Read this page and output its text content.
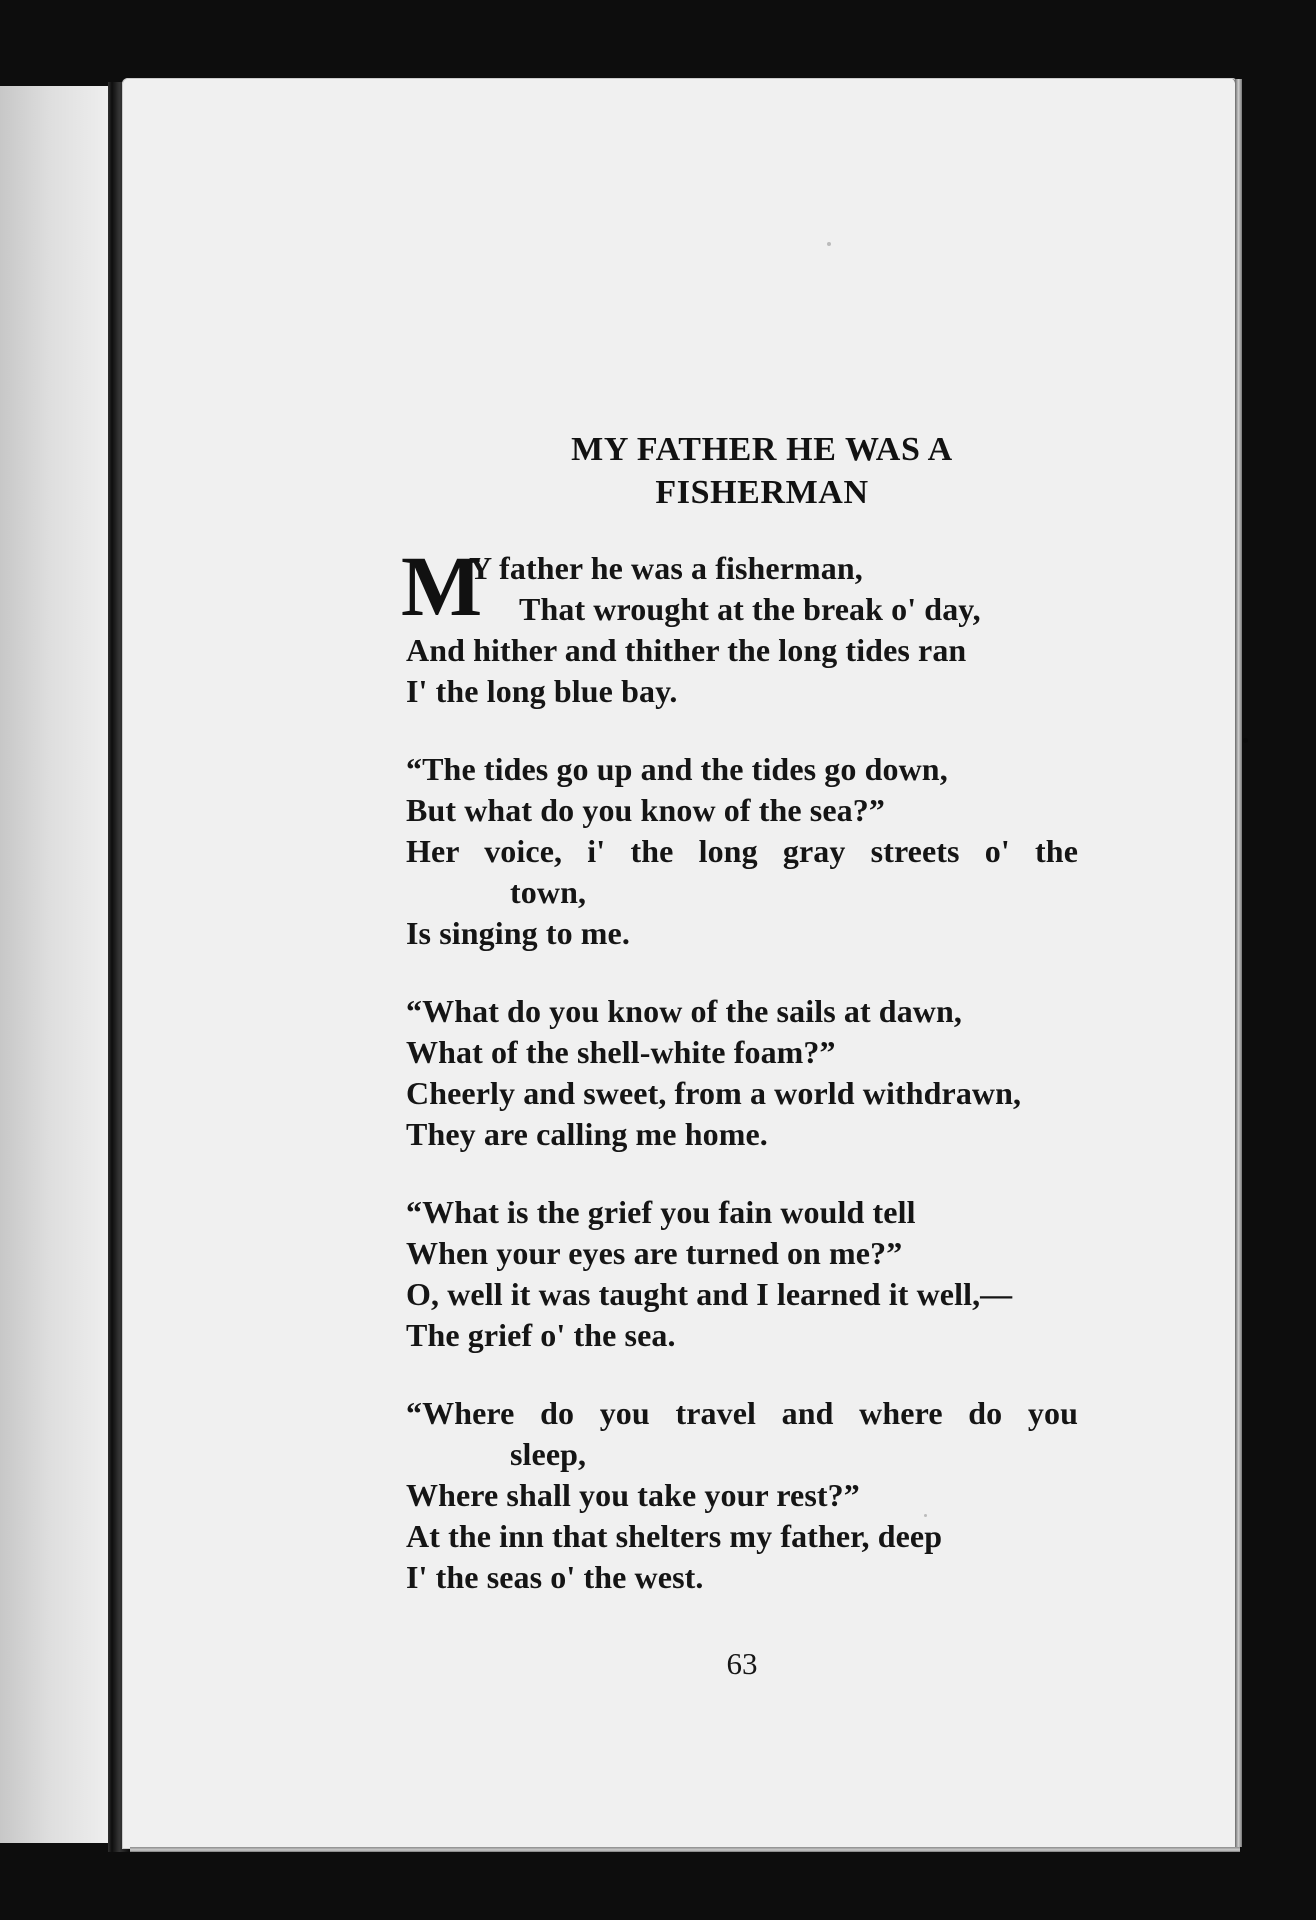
MY FATHER HE WAS A
FISHERMAN
M
Y father he was a fisherman,
That wrought at the break o' day,
And hither and thither the long tides ran
I' the long blue bay.
“The tides go up and the tides go down,
But what do you know of the sea?”
Her voice, i' the long gray streets o' the
town,
Is singing to me.
“What do you know of the sails at dawn,
What of the shell-white foam?”
Cheerly and sweet, from a world withdrawn,
They are calling me home.
“What is the grief you fain would tell
When your eyes are turned on me?”
O, well it was taught and I learned it well,—
The grief o' the sea.
“Where do you travel and where do you
sleep,
Where shall you take your rest?”
At the inn that shelters my father, deep
I' the seas o' the west.

63
